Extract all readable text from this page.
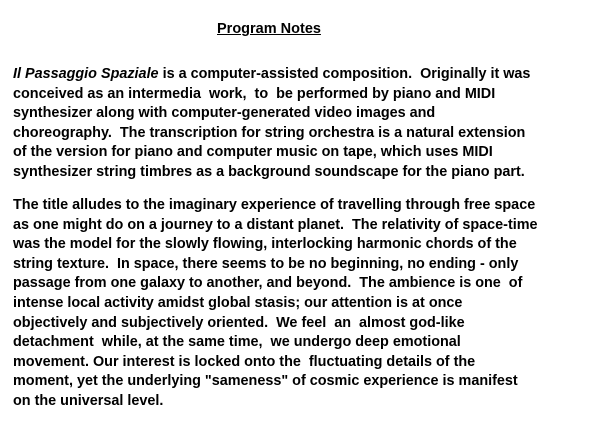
Program Notes

Il Passaggio Spaziale is a computer-assisted composition.  Originally it was
conceived as an intermedia  work,  to  be performed by piano and MIDI
synthesizer along with computer-generated video images and
choreography.  The transcription for string orchestra is a natural extension
of the version for piano and computer music on tape, which uses MIDI
synthesizer string timbres as a background soundscape for the piano part.

The title alludes to the imaginary experience of travelling through free space
as one might do on a journey to a distant planet.  The relativity of space-time
was the model for the slowly flowing, interlocking harmonic chords of the
string texture.  In space, there seems to be no beginning, no ending - only
passage from one galaxy to another, and beyond.  The ambience is one  of
intense local activity amidst global stasis; our attention is at once
objectively and subjectively oriented.  We feel  an  almost god-like
detachment  while, at the same time,  we undergo deep emotional
movement. Our interest is locked onto the  fluctuating details of the
moment, yet the underlying "sameness" of cosmic experience is manifest
on the universal level.
